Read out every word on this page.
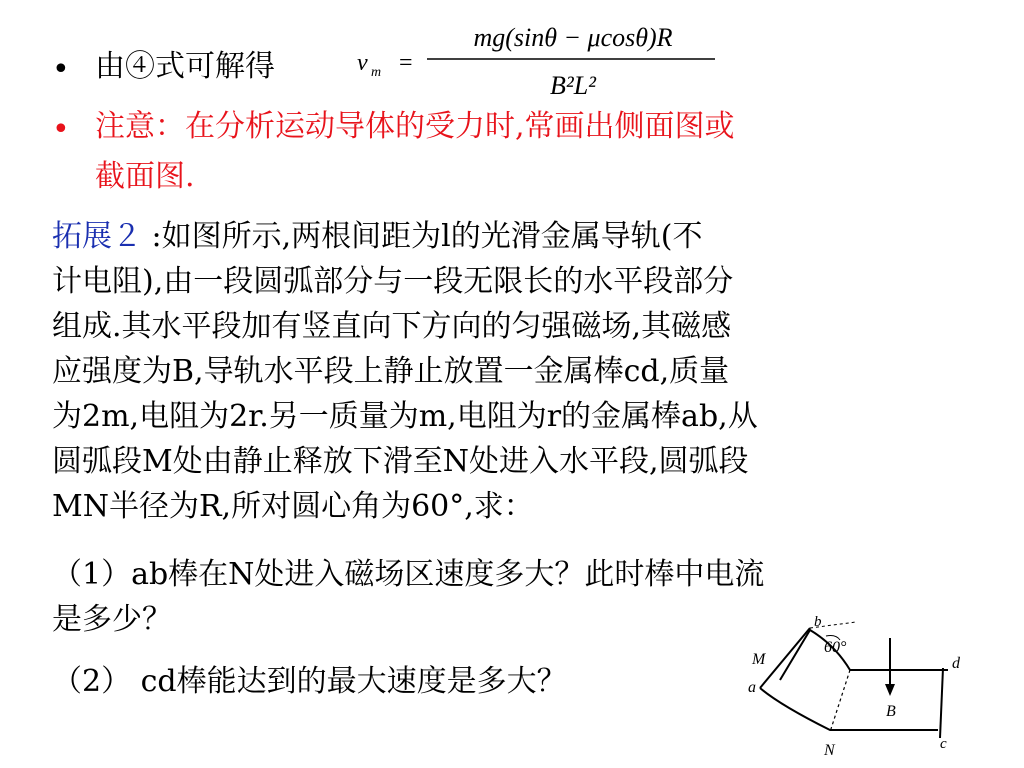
• 由④式可解得	v m =
mg(sinθ − μcosθ)R
B²L²
• 注意：在分析运动导体的受力时,常画出侧面图或
截面图.
拓展２ :如图所示,两根间距为l的光滑金属导轨(不
计电阻),由一段圆弧部分与一段无限长的水平段部分
组成.其水平段加有竖直向下方向的匀强磁场,其磁感
应强度为B,导轨水平段上静止放置一金属棒cd,质量
为2m,电阻为2r.另一质量为m,电阻为r的金属棒ab,从
圆弧段M处由静止释放下滑至N处进入水平段,圆弧段
MN半径为R,所对圆心角为60°,求：
（1）ab棒在N处进入磁场区速度多大？此时棒中电流
是多少？
（2） cd棒能达到的最大速度是多大？
M
a
b
60°
N	c
d
B
